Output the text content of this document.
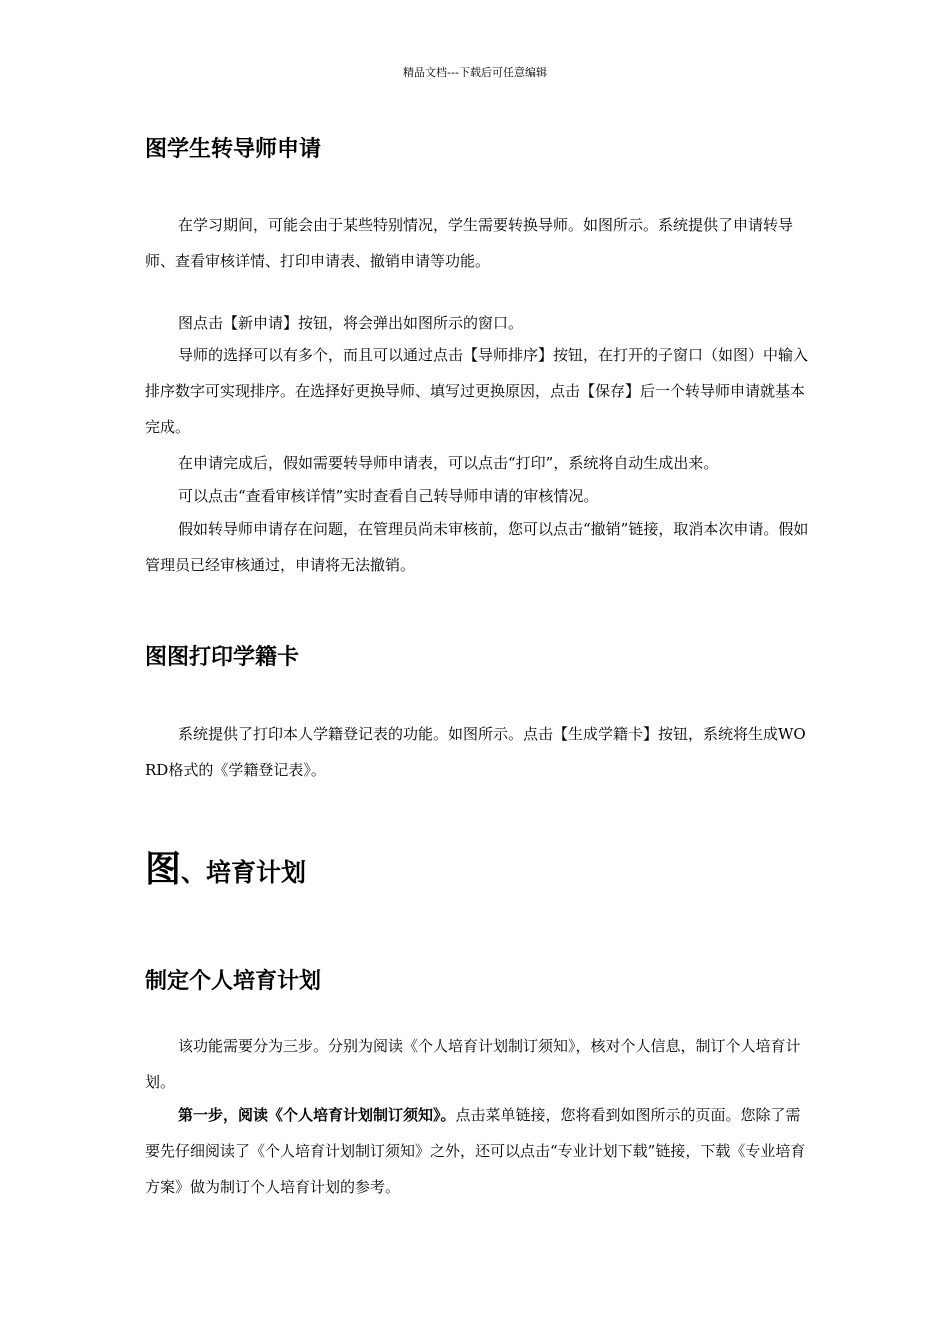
精品文档---下载后可任意编辑
图学生转导师申请

在学习期间，可能会由于某些特别情况，学生需要转换导师。如图所示。系统提供了申请转导师、查看审核详情、打印申请表、撤销申请等功能。

图点击【新申请】按钮，将会弹出如图所示的窗口。

导师的选择可以有多个，而且可以通过点击【导师排序】按钮，在打开的子窗口（如图）中输入排序数字可实现排序。在选择好更换导师、填写过更换原因，点击【保存】后一个转导师申请就基本完成。

在申请完成后，假如需要转导师申请表，可以点击“打印”，系统将自动生成出来。

可以点击“查看审核详情”实时查看自己转导师申请的审核情况。

假如转导师申请存在问题，在管理员尚未审核前，您可以点击“撤销”链接，取消本次申请。假如管理员已经审核通过，申请将无法撤销。

图图打印学籍卡

系统提供了打印本人学籍登记表的功能。如图所示。点击【生成学籍卡】按钮，系统将生成WORD格式的《学籍登记表》。

图、培育计划
制定个人培育计划

该功能需要分为三步。分别为阅读《个人培育计划制订须知》，核对个人信息，制订个人培育计划。

第一步，阅读《个人培育计划制订须知》。点击菜单链接，您将看到如图所示的页面。您除了需要先仔细阅读了《个人培育计划制订须知》之外，还可以点击“专业计划下载”链接，下载《专业培育方案》做为制订个人培育计划的参考。
